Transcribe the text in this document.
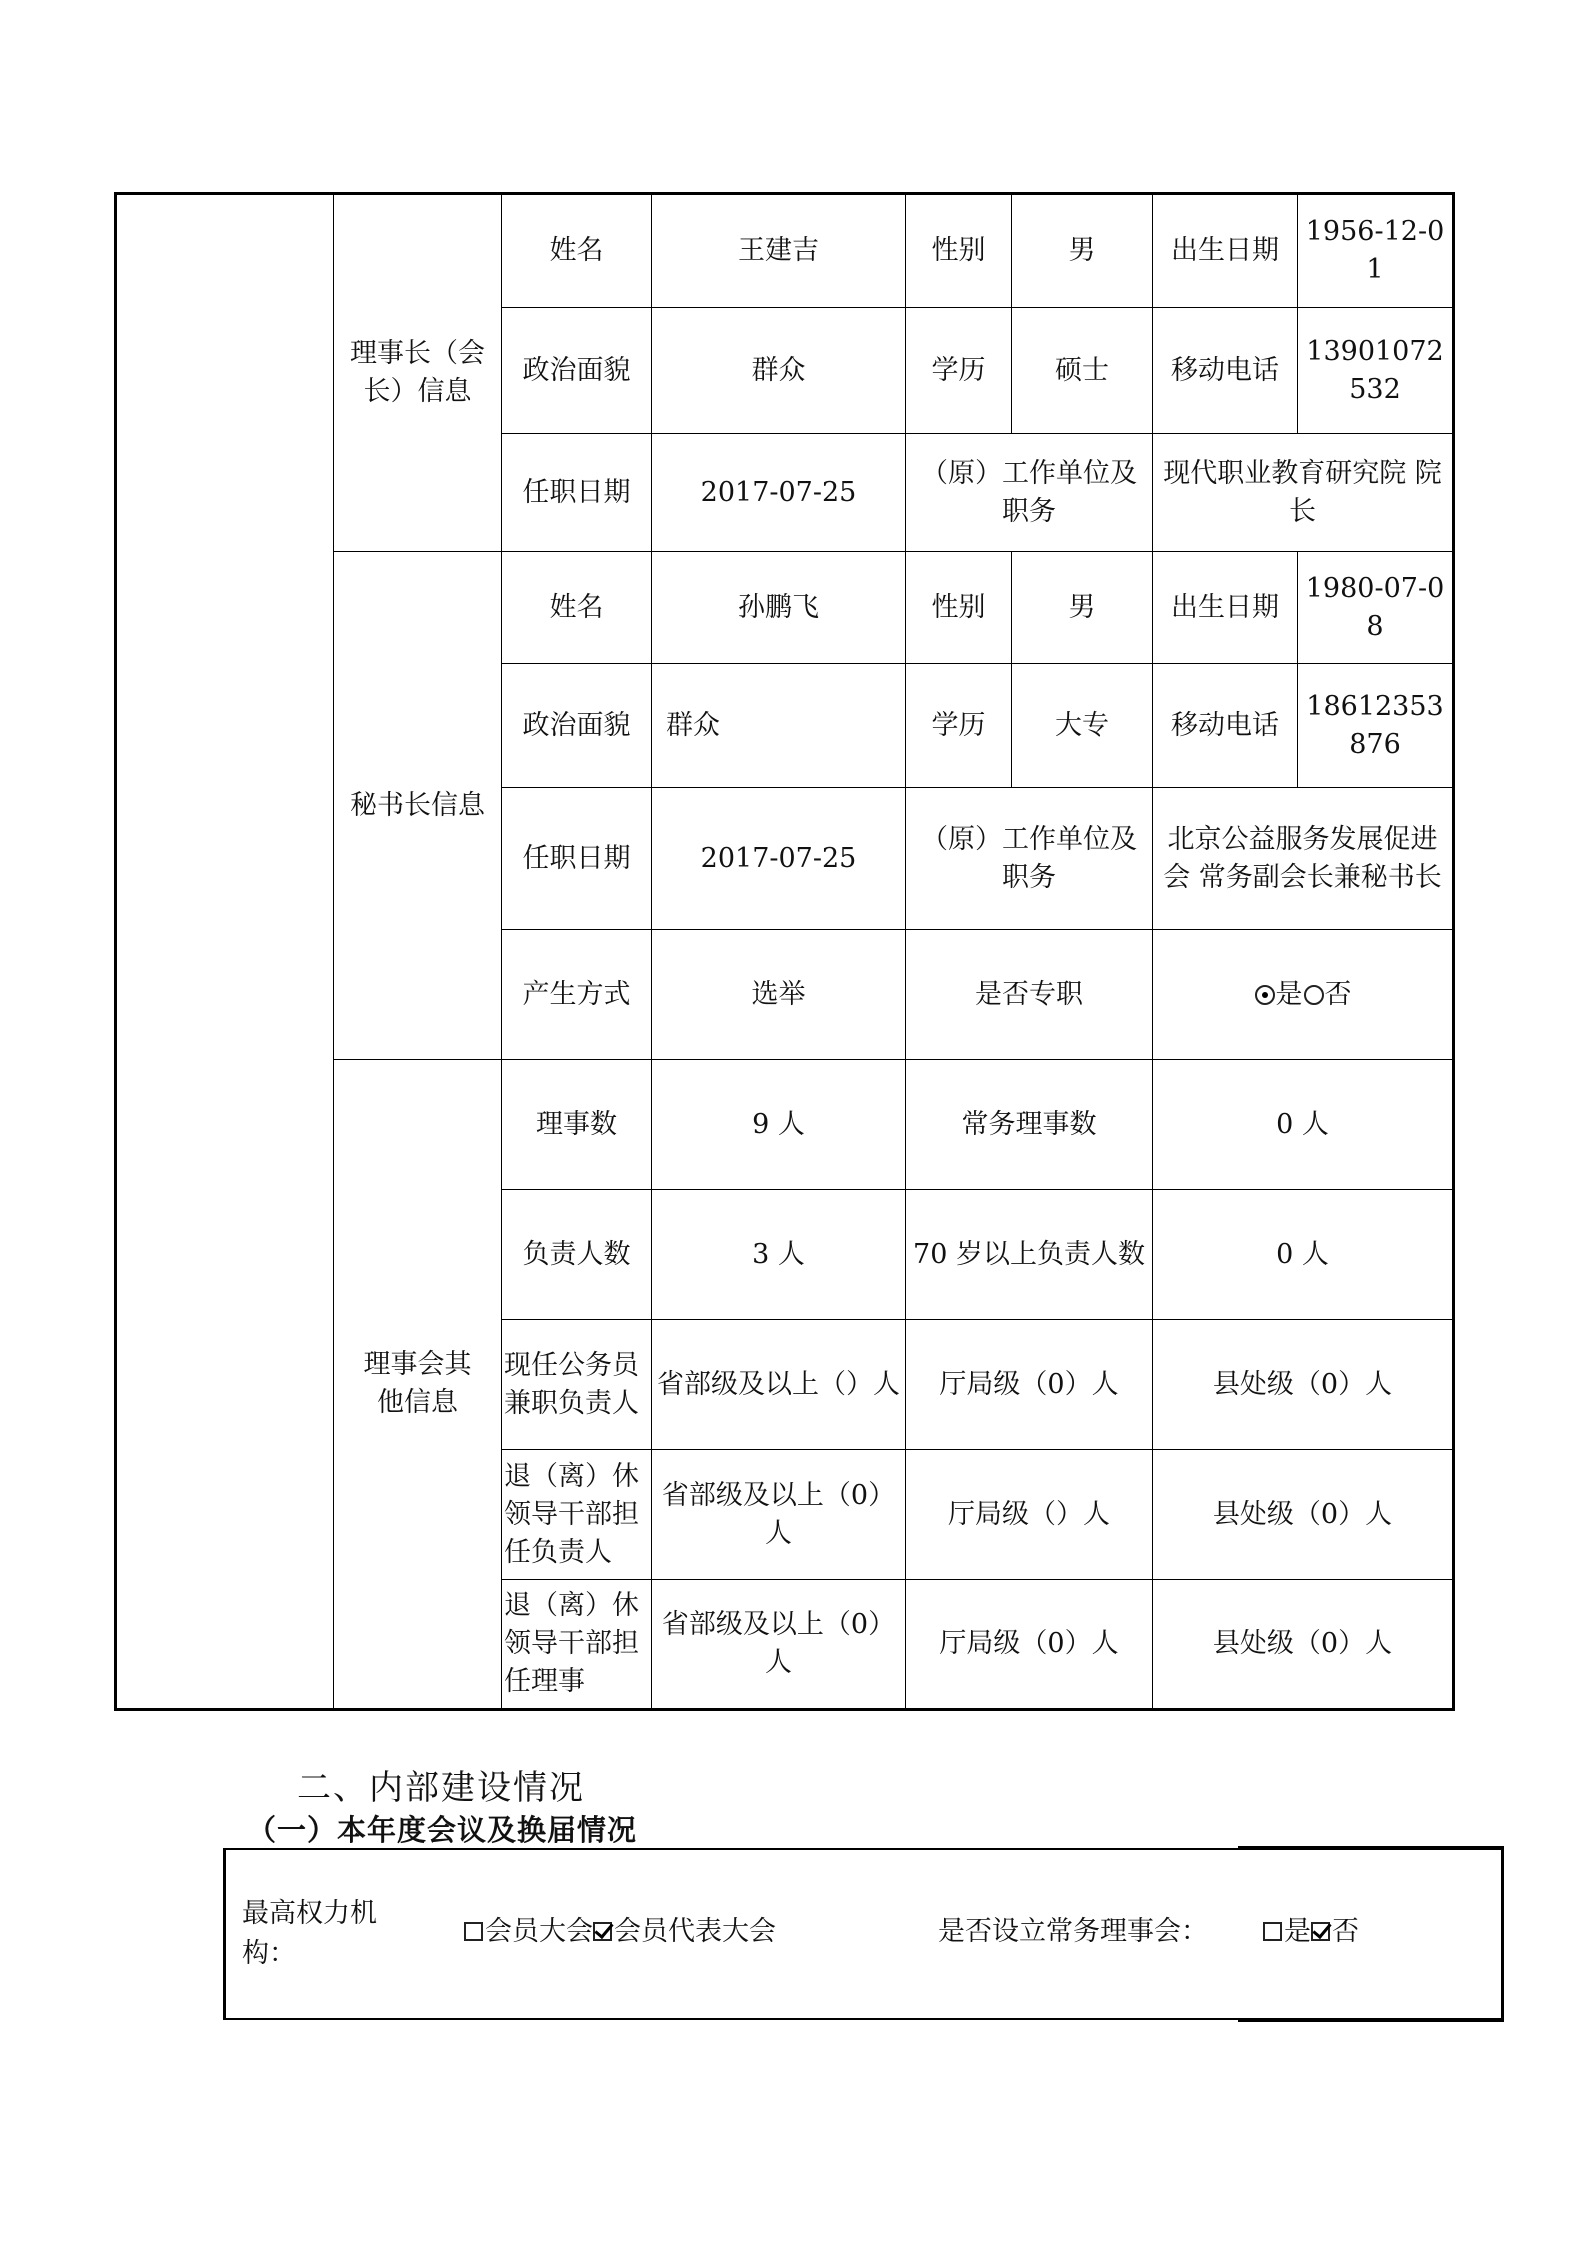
	理事长（会长）信息	姓名	王建吉	性别	男	出生日期	1956-12-01
		政治面貌	群众	学历	硕士	移动电话	13901072532
		任职日期	2017-07-25	（原）工作单位及职务		现代职业教育研究院 院长	
	秘书长信息	姓名	孙鹏飞	性别	男	出生日期	1980-07-08
		政治面貌	群众	学历	大专	移动电话	18612353876
		任职日期	2017-07-25	（原）工作单位及职务		北京公益服务发展促进会 常务副会长兼秘书长	
		产生方式	选举	是否专职		是 否	
	理事会其他信息	理事数	9 人	常务理事数		0 人	
		负责人数	3 人	70 岁以上负责人数		0 人	
		现任公务员兼职负责人	省部级及以上（）人	厅局级（0）人		县处级（0）人	
		退（离）休领导干部担任负责人	省部级及以上（0）人	厅局级（）人		县处级（0）人	
		退（离）休领导干部担任理事	省部级及以上（0）人	厅局级（0）人		县处级（0）人	
二、内部建设情况
（一）本年度会议及换届情况
最高权力机构：
会员大会 会员代表大会	是否设立常务理事会：	是 否
